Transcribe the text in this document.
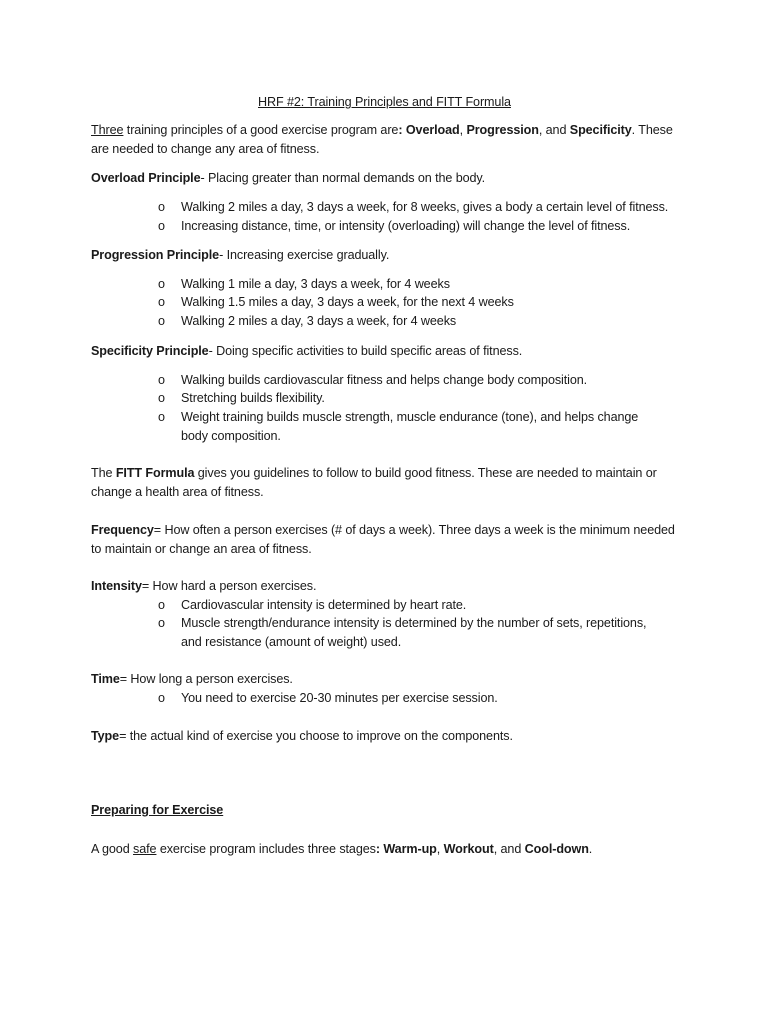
HRF #2: Training Principles and FITT Formula
Three training principles of a good exercise program are: Overload, Progression, and Specificity. These
are needed to change any area of fitness.
Overload Principle- Placing greater than normal demands on the body.
o Walking 2 miles a day, 3 days a week, for 8 weeks, gives a body a certain level of fitness.
o Increasing distance, time, or intensity (overloading) will change the level of fitness.
Progression Principle- Increasing exercise gradually.
o Walking 1 mile a day, 3 days a week, for 4 weeks
o Walking 1.5 miles a day, 3 days a week, for the next 4 weeks
o Walking 2 miles a day, 3 days a week, for 4 weeks
Specificity Principle- Doing specific activities to build specific areas of fitness.
o Walking builds cardiovascular fitness and helps change body composition.
o Stretching builds flexibility.
o Weight training builds muscle strength, muscle endurance (tone), and helps change
body composition.
The FITT Formula gives you guidelines to follow to build good fitness. These are needed to maintain or
change a health area of fitness.
Frequency= How often a person exercises (# of days a week). Three days a week is the minimum needed
to maintain or change an area of fitness.
Intensity= How hard a person exercises.
o Cardiovascular intensity is determined by heart rate.
o Muscle strength/endurance intensity is determined by the number of sets, repetitions,
and resistance (amount of weight) used.
Time= How long a person exercises.
o You need to exercise 20-30 minutes per exercise session.
Type= the actual kind of exercise you choose to improve on the components.
Preparing for Exercise
A good safe exercise program includes three stages: Warm-up, Workout, and Cool-down.
